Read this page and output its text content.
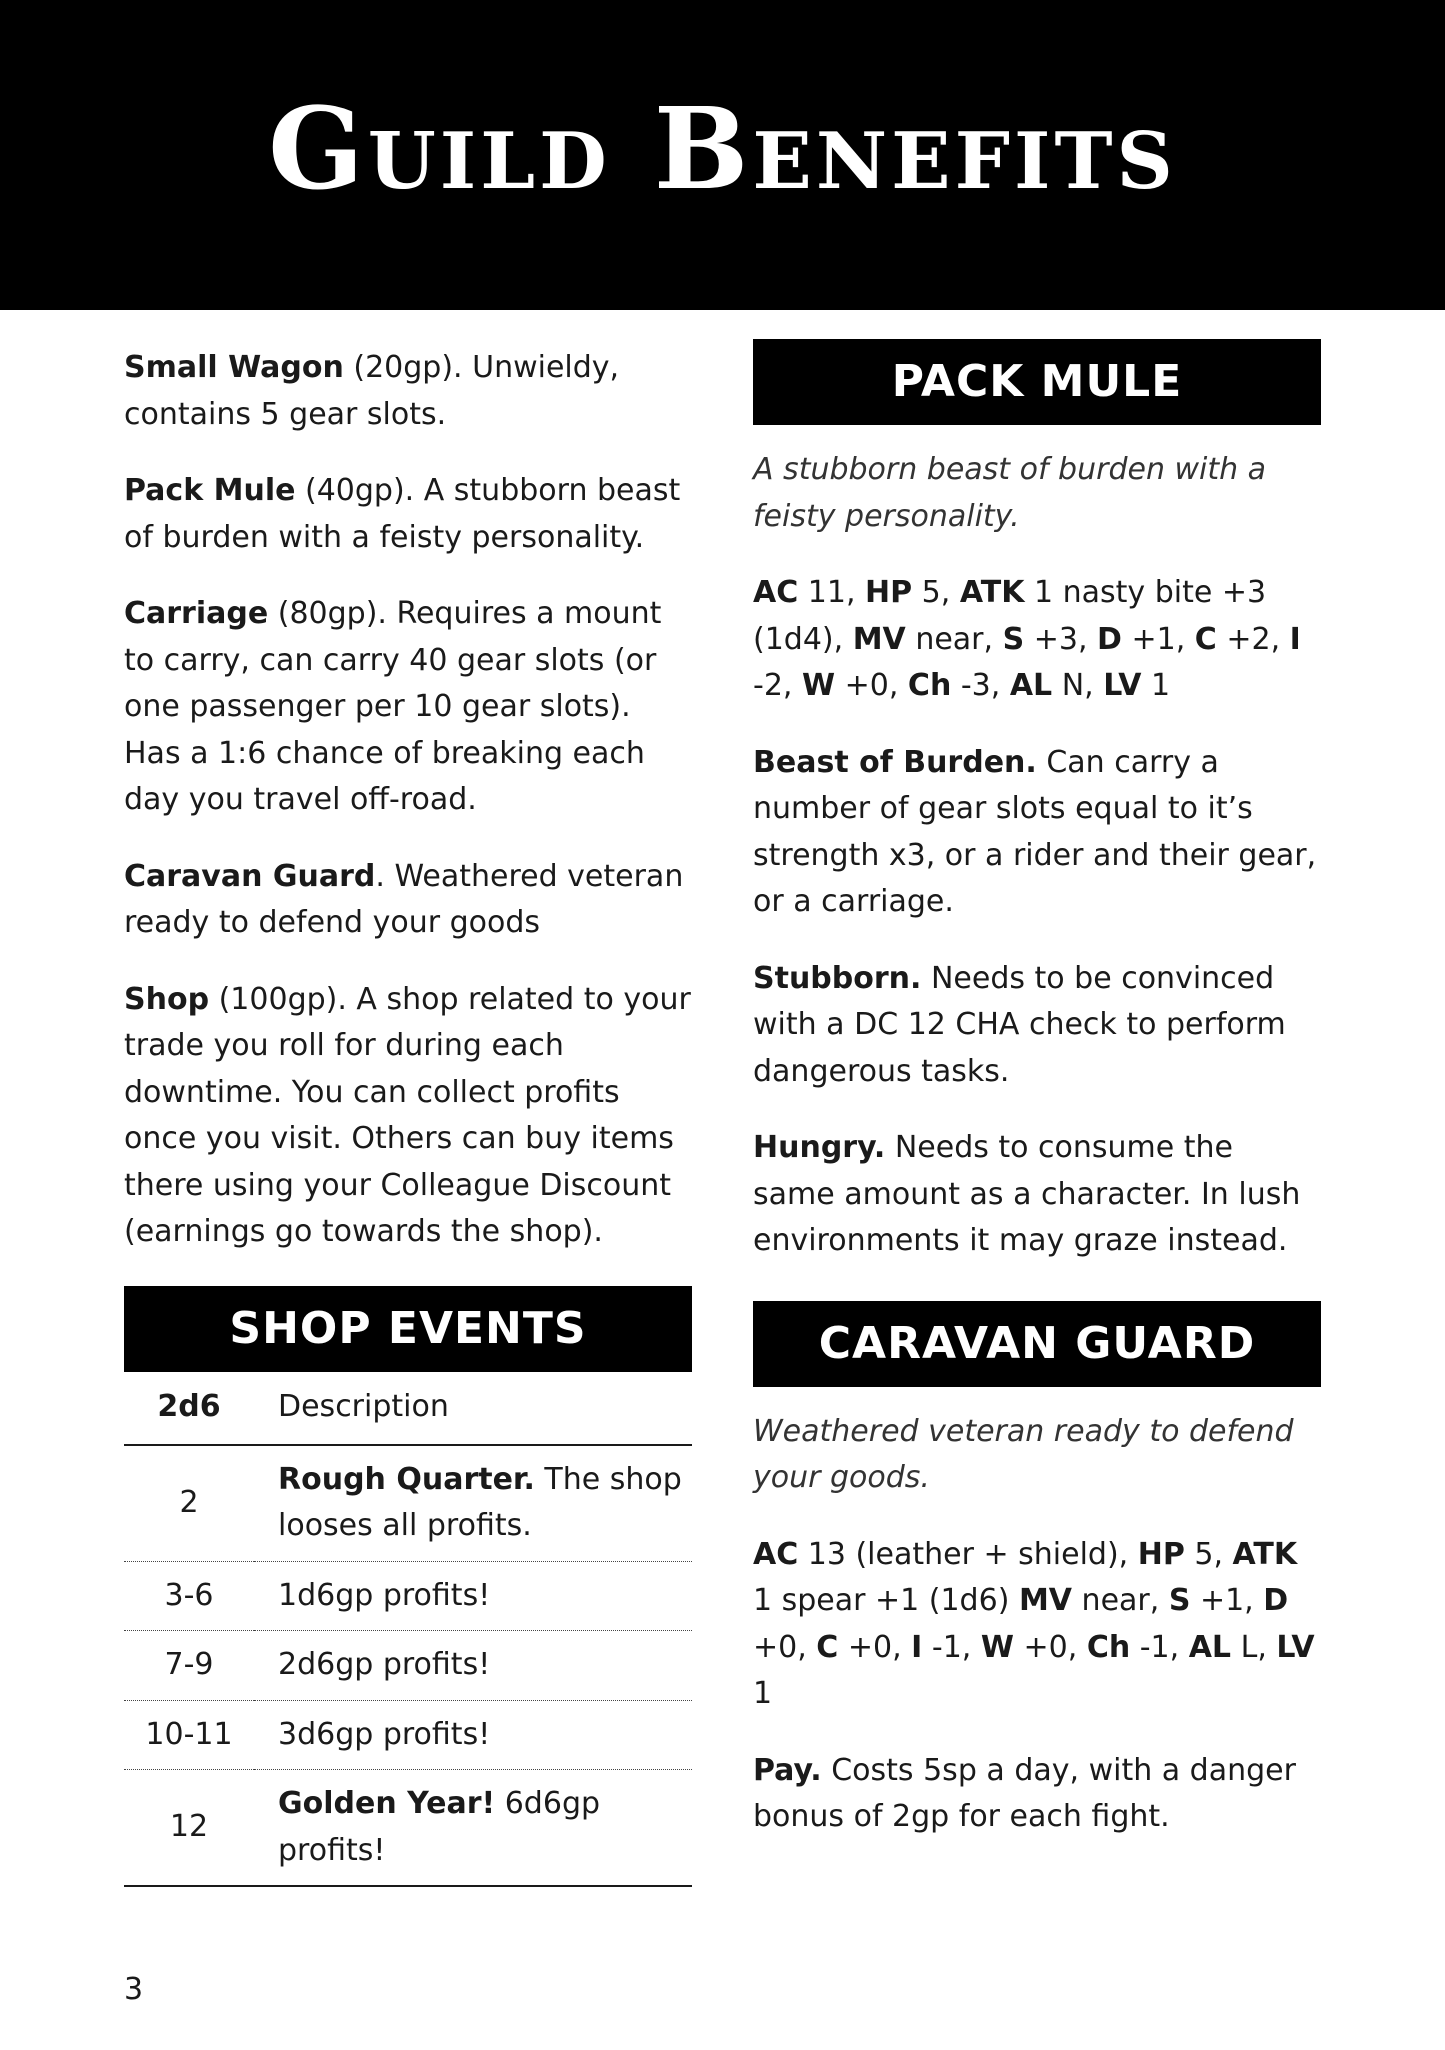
Guild Benefits

Small Wagon (20gp). Unwieldy, contains 5 gear slots.

Pack Mule (40gp). A stubborn beast of burden with a feisty personality.

Carriage (80gp). Requires a mount to carry, can carry 40 gear slots (or one passenger per 10 gear slots). Has a 1:6 chance of breaking each day you travel off-road.

Caravan Guard. Weathered veteran ready to defend your goods

Shop (100gp). A shop related to your trade you roll for during each downtime. You can collect profits once you visit. Others can buy items there using your Colleague Discount (earnings go towards the shop).

SHOP EVENTS
2d6	Description
2	Rough Quarter. The shop looses all profits.
3-6	1d6gp profits!
7-9	2d6gp profits!
10-11	3d6gp profits!
12	Golden Year! 6d6gp profits!
PACK MULE

A stubborn beast of burden with a feisty personality.

AC 11, HP 5, ATK 1 nasty bite +3 (1d4), MV near, S +3, D +1, C +2, I -2, W +0, Ch -3, AL N, LV 1

Beast of Burden. Can carry a number of gear slots equal to it’s strength x3, or a rider and their gear, or a carriage.

Stubborn. Needs to be convinced with a DC 12 CHA check to perform dangerous tasks.

Hungry. Needs to consume the same amount as a character. In lush environments it may graze instead.

CARAVAN GUARD

Weathered veteran ready to defend your goods.

AC 13 (leather + shield), HP 5, ATK 1 spear +1 (1d6) MV near, S +1, D +0, C +0, I -1, W +0, Ch -1, AL L, LV 1

Pay. Costs 5sp a day, with a danger bonus of 2gp for each fight.

3
